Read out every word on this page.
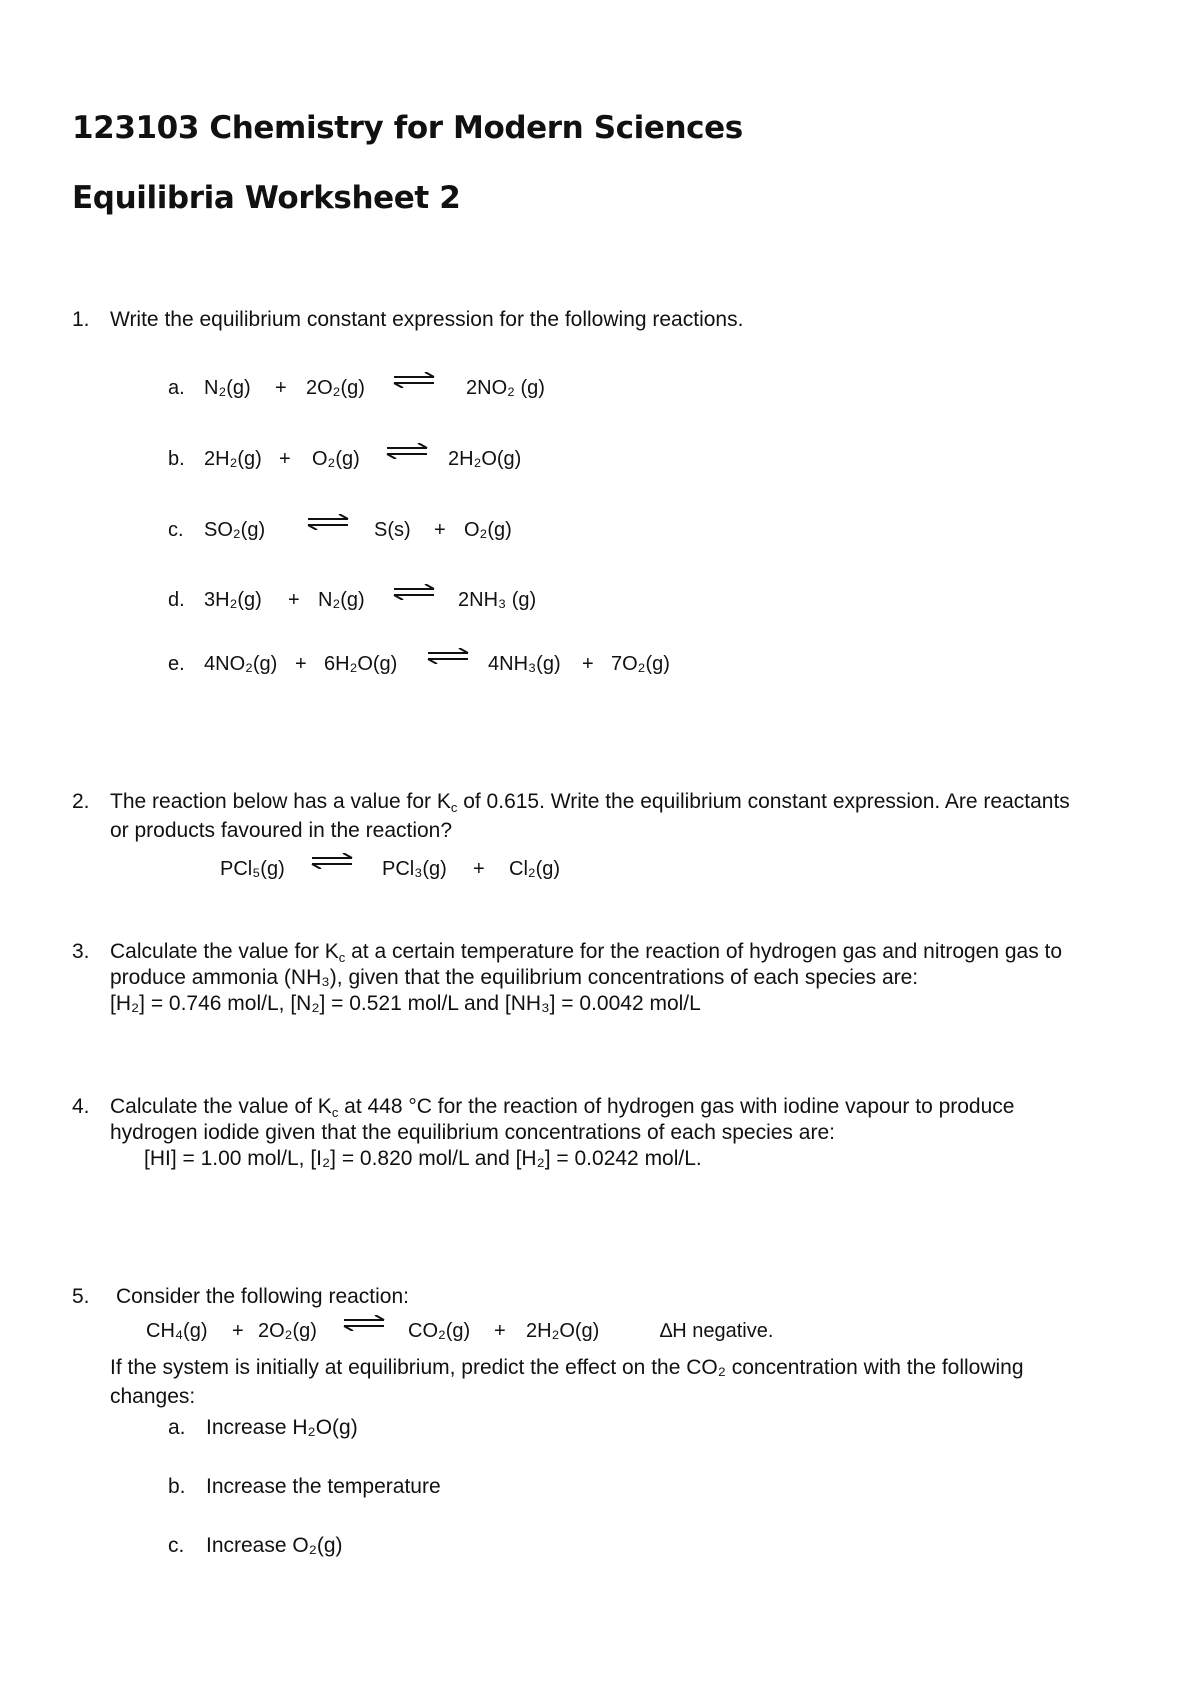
123103 Chemistry for Modern Sciences
Equilibria Worksheet 2
1. Write the equilibrium constant expression for the following reactions.
a. N₂(g) + 2O₂(g)	2NO₂ (g)
b. 2H₂(g) + O₂(g) ⇌ 2H₂O(g)
c. SO₂(g)	⇌ S(s) + O₂(g)
d. 3H₂(g) + N₂(g) ⇌ 2NH₃ (g)
e. 4NO₂(g) + 6H₂O(g) ⇌ 4NH₃(g) + 7O₂(g)
2. The reaction below has a value for $K_c$ of 0.615. Write the equilibrium constant expression. Are reactants
or products favoured in the reaction?
PCl₅(g)	PCl₃(g) + Cl₂(g)
3. Calculate the value for $K_c$ at a certain temperature for the reaction of hydrogen gas and nitrogen gas to
produce ammonia (NH₃), given that the equilibrium concentrations of each species are:
[H₂] = 0.746 mol/L, [N₂] = 0.521 mol/L and [NH₃] = 0.0042 mol/L
4. Calculate the value of $K_c$ at 448 °C for the reaction of hydrogen gas with iodine vapour to produce
hydrogen iodide given that the equilibrium concentrations of each species are:
[HI] = 1.00 mol/L, [I₂] = 0.820 mol/L and [H₂] = 0.0242 mol/L.
5. Consider the following reaction:
CH₄(g) + 2O₂(g) ⇌ CO₂(g) + 2H₂O(g)	∆H negative.
If the system is initially at equilibrium, predict the effect on the CO₂ concentration with the following
changes:
a. Increase H₂O(g)
b. Increase the temperature
c. Increase O₂(g)
